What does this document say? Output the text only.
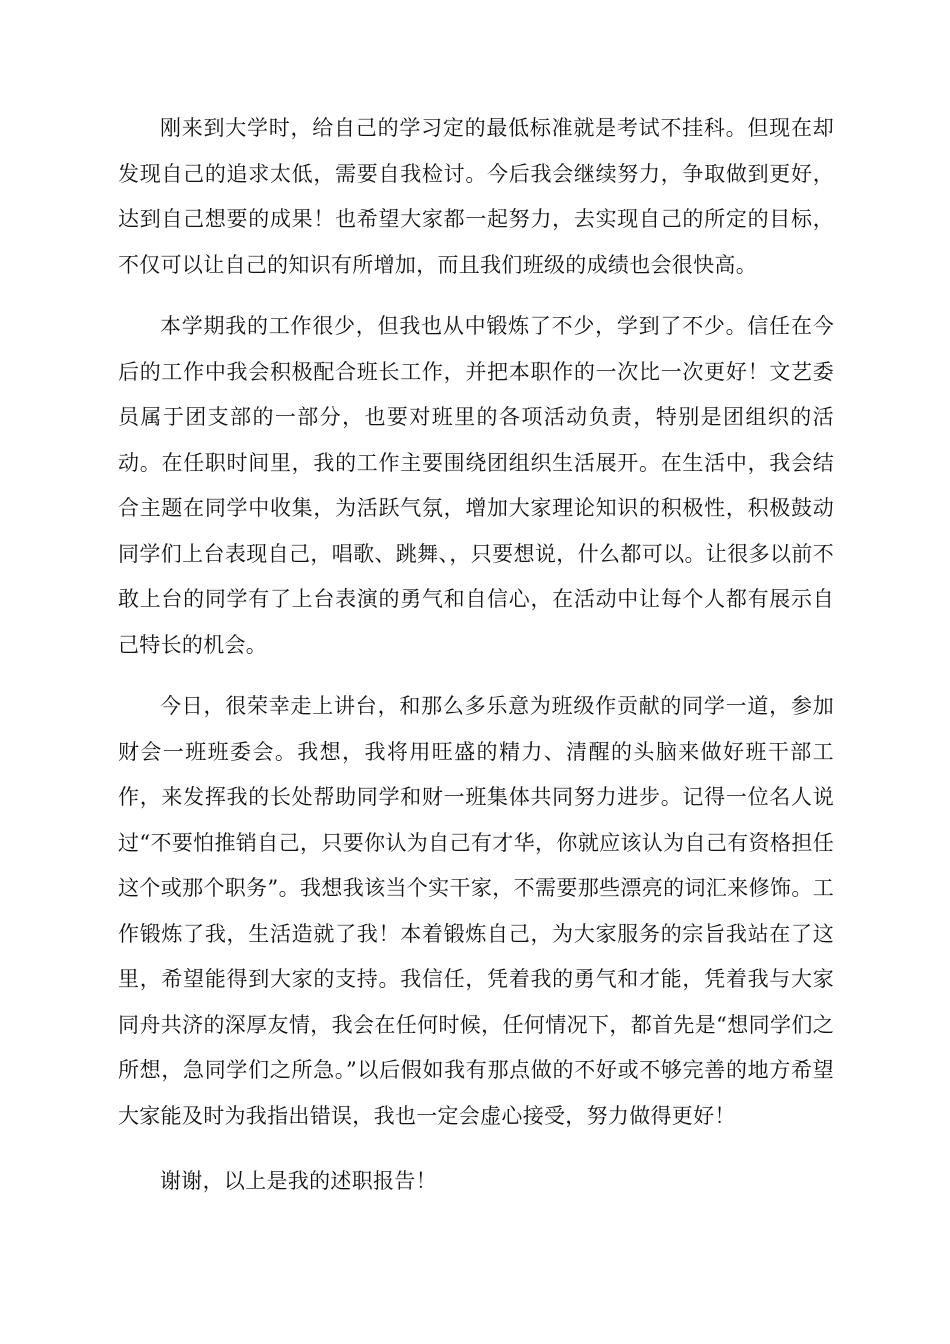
刚来到大学时，给自己的学习定的最低标准就是考试不挂科。但现在却发现自己的追求太低，需要自我检讨。今后我会继续努力，争取做到更好，达到自己想要的成果！也希望大家都一起努力，去实现自己的所定的目标，不仅可以让自己的知识有所增加，而且我们班级的成绩也会很快高。

本学期我的工作很少，但我也从中锻炼了不少，学到了不少。信任在今后的工作中我会积极配合班长工作，并把本职作的一次比一次更好！文艺委员属于团支部的一部分，也要对班里的各项活动负责，特别是团组织的活动。在任职时间里，我的工作主要围绕团组织生活展开。在生活中，我会结合主题在同学中收集，为活跃气氛，增加大家理论知识的积极性，积极鼓动同学们上台表现自己，唱歌、跳舞、，只要想说，什么都可以。让很多以前不敢上台的同学有了上台表演的勇气和自信心，在活动中让每个人都有展示自己特长的机会。

今日，很荣幸走上讲台，和那么多乐意为班级作贡献的同学一道，参加财会一班班委会。我想，我将用旺盛的精力、清醒的头脑来做好班干部工作，来发挥我的长处帮助同学和财一班集体共同努力进步。记得一位名人说过“不要怕推销自己，只要你认为自己有才华，你就应该认为自己有资格担任这个或那个职务”。我想我该当个实干家，不需要那些漂亮的词汇来修饰。工作锻炼了我，生活造就了我！本着锻炼自己，为大家服务的宗旨我站在了这里，希望能得到大家的支持。我信任，凭着我的勇气和才能，凭着我与大家同舟共济的深厚友情，我会在任何时候，任何情况下，都首先是“想同学们之所想，急同学们之所急。”以后假如我有那点做的不好或不够完善的地方希望大家能及时为我指出错误，我也一定会虚心接受，努力做得更好！

谢谢，以上是我的述职报告！
